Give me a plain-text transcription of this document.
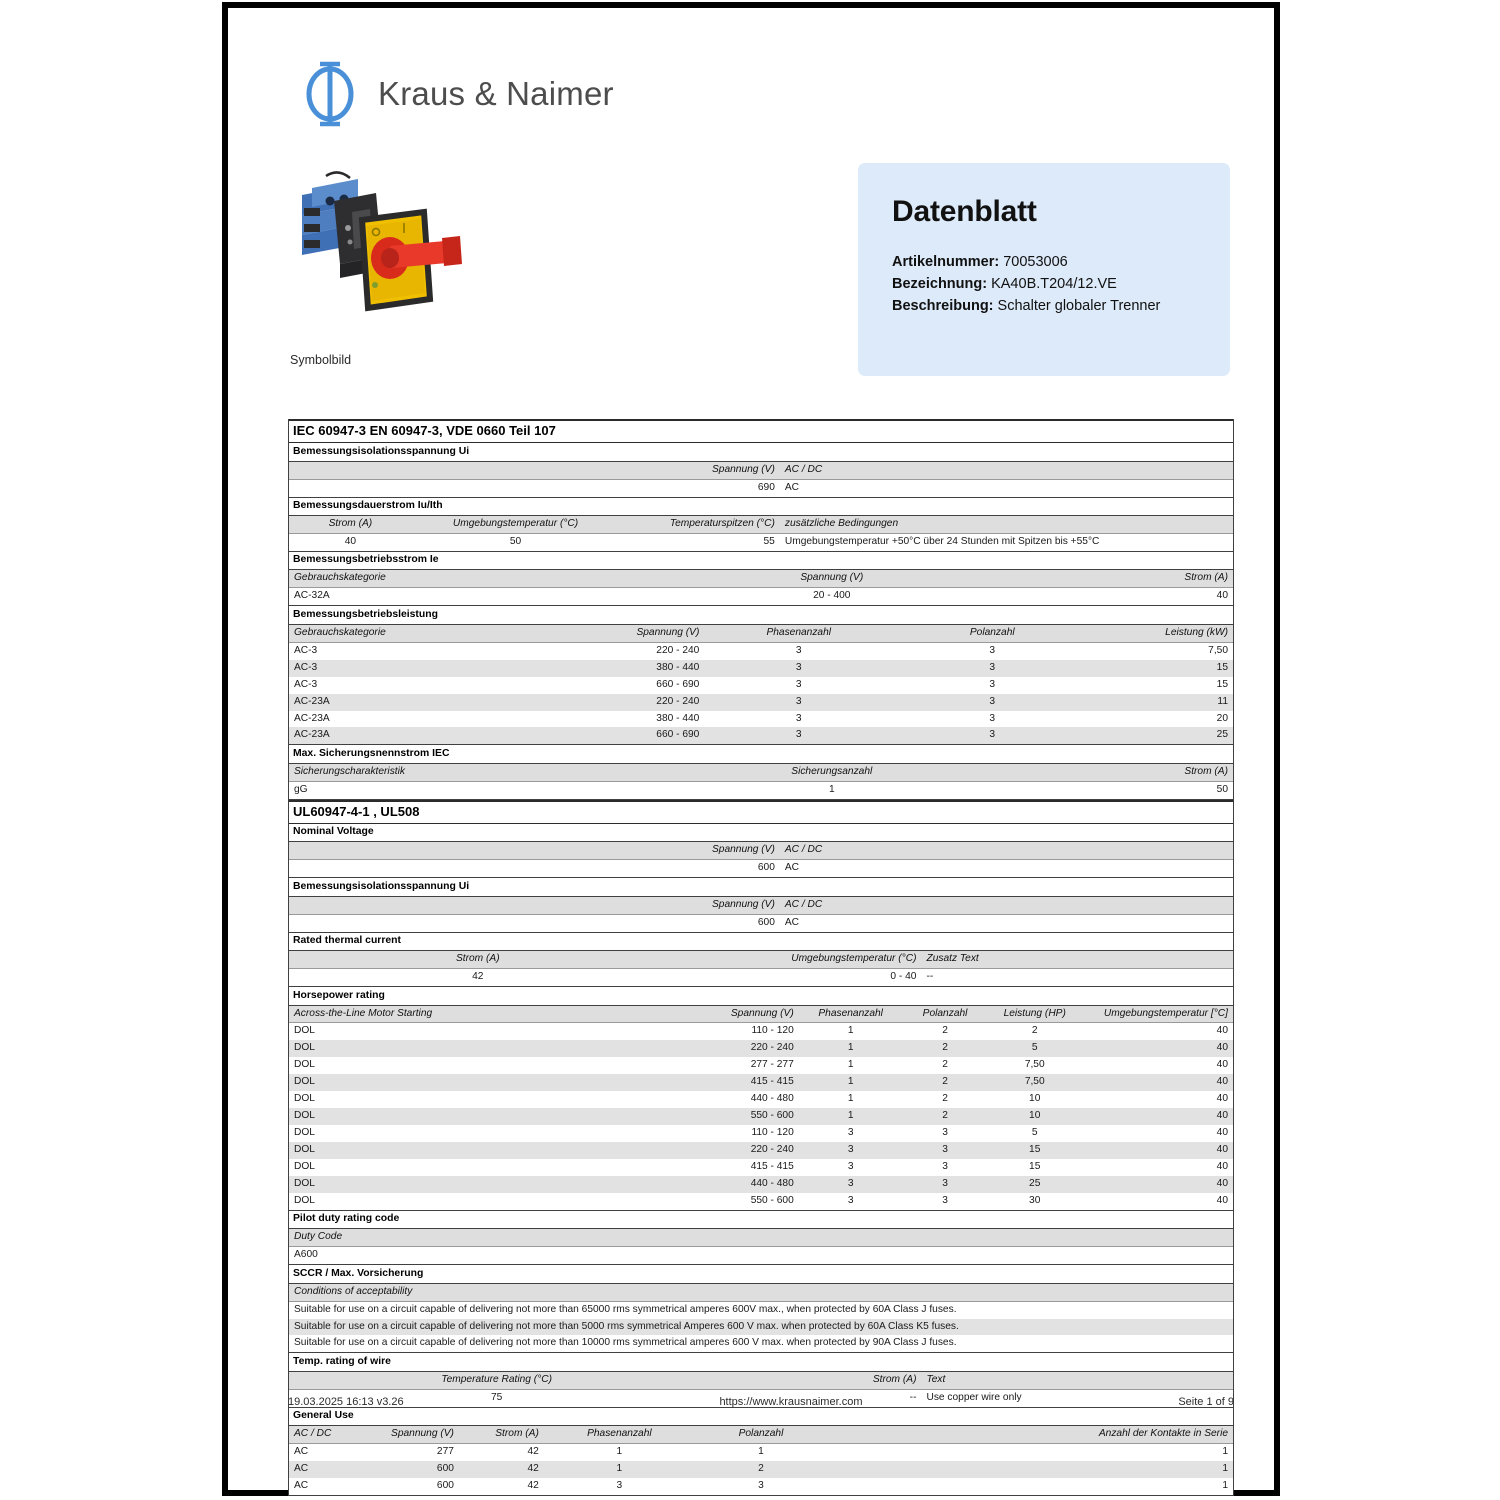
Kraus & Naimer
Symbolbild
Datenblatt
Artikelnummer: 70053006
Bezeichnung: KA40B.T204/12.VE
Beschreibung: Schalter globaler Trenner
IEC 60947-3 EN 60947-3, VDE 0660 Teil 107
Bemessungsisolationsspannung Ui
Spannung (V)	AC / DC
690	AC
Bemessungsdauerstrom Iu/Ith
Strom (A)	Umgebungstemperatur (°C)	Temperaturspitzen (°C)	zusätzliche Bedingungen
40	50	55	Umgebungstemperatur +50°C über 24 Stunden mit Spitzen bis +55°C
Bemessungsbetriebsstrom Ie
Gebrauchskategorie	Spannung (V)	Strom (A)
AC-32A	20 - 400	40
Bemessungsbetriebsleistung
Gebrauchskategorie	Spannung (V)	Phasenanzahl	Polanzahl	Leistung (kW)
AC-3	220 - 240	3	3	7,50
AC-3	380 - 440	3	3	15
AC-3	660 - 690	3	3	15
AC-23A	220 - 240	3	3	11
AC-23A	380 - 440	3	3	20
AC-23A	660 - 690	3	3	25
Max. Sicherungsnennstrom IEC
Sicherungscharakteristik	Sicherungsanzahl	Strom (A)
gG	1	50
UL60947-4-1 , UL508
Nominal Voltage
Spannung (V)	AC / DC
600	AC
Bemessungsisolationsspannung Ui
Spannung (V)	AC / DC
600	AC
Rated thermal current
Strom (A)	Umgebungstemperatur (°C)	Zusatz Text
42	0 - 40	--
Horsepower rating
Across-the-Line Motor Starting	Spannung (V)	Phasenanzahl	Polanzahl	Leistung (HP)	Umgebungstemperatur [°C]
DOL	110 - 120	1	2	2	40
DOL	220 - 240	1	2	5	40
DOL	277 - 277	1	2	7,50	40
DOL	415 - 415	1	2	7,50	40
DOL	440 - 480	1	2	10	40
DOL	550 - 600	1	2	10	40
DOL	110 - 120	3	3	5	40
DOL	220 - 240	3	3	15	40
DOL	415 - 415	3	3	15	40
DOL	440 - 480	3	3	25	40
DOL	550 - 600	3	3	30	40
Pilot duty rating code
Duty Code
A600
SCCR / Max. Vorsicherung
Conditions of acceptability
Suitable for use on a circuit capable of delivering not more than 65000 rms symmetrical amperes 600V max., when protected by 60A Class J fuses.
Suitable for use on a circuit capable of delivering not more than 5000 rms symmetrical Amperes 600 V max. when protected by 60A Class K5 fuses.
Suitable for use on a circuit capable of delivering not more than 10000 rms symmetrical amperes 600 V max. when protected by 90A Class J fuses.
Temp. rating of wire
Temperature Rating (°C)	Strom (A)	Text
75	--	Use copper wire only
General Use
AC / DC	Spannung (V)	Strom (A)	Phasenanzahl	Polanzahl	Anzahl der Kontakte in Serie
AC	277	42	1	1	1
AC	600	42	1	2	1
AC	600	42	3	3	1
19.03.2025 16:13 v3.26	https://www.krausnaimer.com	Seite 1 of 9
